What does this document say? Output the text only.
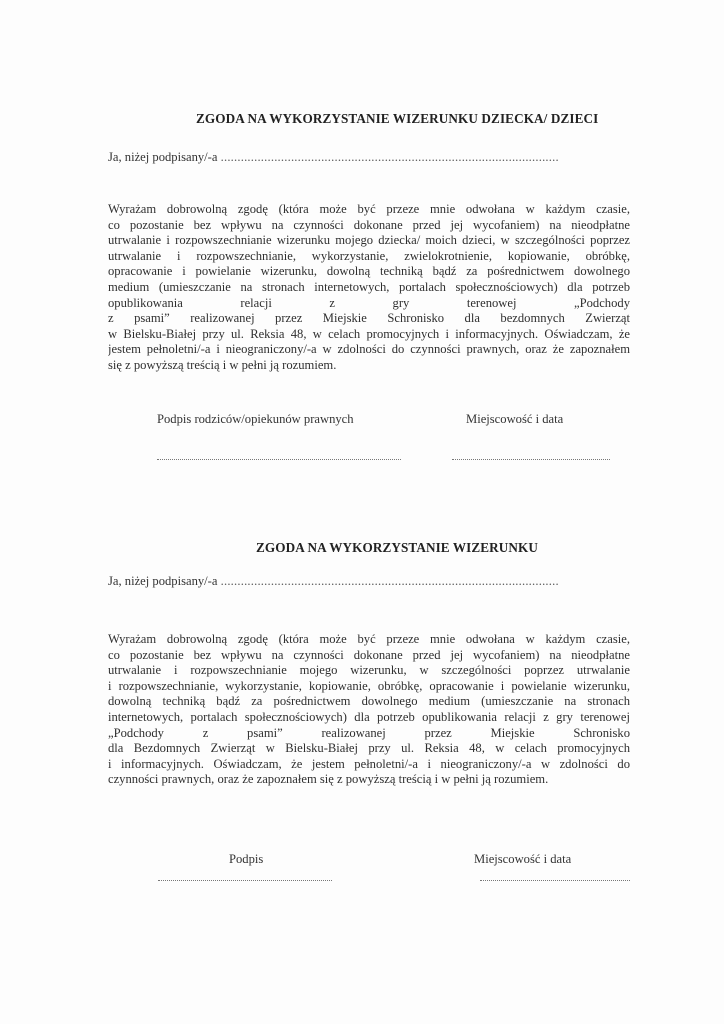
ZGODA NA WYKORZYSTANIE WIZERUNKU DZIECKA/ DZIECI
Ja, niżej podpisany/-a .....................................................................................................
Wyrażam dobrowolną zgodę (która może być przeze mnie odwołana w każdym czasie,
co pozostanie bez wpływu na czynności dokonane przed jej wycofaniem) na nieodpłatne
utrwalanie i rozpowszechnianie wizerunku mojego dziecka/ moich dzieci, w szczególności poprzez
utrwalanie i rozpowszechnianie, wykorzystanie, zwielokrotnienie, kopiowanie, obróbkę,
opracowanie i powielanie wizerunku, dowolną techniką bądź za pośrednictwem dowolnego
medium (umieszczanie na stronach internetowych, portalach społecznościowych) dla potrzeb
opublikowania relacji z gry terenowej „Podchody
z psami” realizowanej przez Miejskie Schronisko dla bezdomnych Zwierząt
w Bielsku-Białej przy ul. Reksia 48, w celach promocyjnych i informacyjnych. Oświadczam, że
jestem pełnoletni/-a i nieograniczony/-a w zdolności do czynności prawnych, oraz że zapoznałem
się z powyższą treścią i w pełni ją rozumiem.
Podpis rodziców/opiekunów prawnych	Miejscowość i data
ZGODA NA WYKORZYSTANIE WIZERUNKU
Ja, niżej podpisany/-a .....................................................................................................
Wyrażam dobrowolną zgodę (która może być przeze mnie odwołana w każdym czasie,
co pozostanie bez wpływu na czynności dokonane przed jej wycofaniem) na nieodpłatne
utrwalanie i rozpowszechnianie mojego wizerunku, w szczególności poprzez utrwalanie
i rozpowszechnianie, wykorzystanie, kopiowanie, obróbkę, opracowanie i powielanie wizerunku,
dowolną techniką bądź za pośrednictwem dowolnego medium (umieszczanie na stronach
internetowych, portalach społecznościowych) dla potrzeb opublikowania relacji z gry terenowej
„Podchody z psami” realizowanej przez Miejskie Schronisko
dla Bezdomnych Zwierząt w Bielsku-Białej przy ul. Reksia 48, w celach promocyjnych
i informacyjnych. Oświadczam, że jestem pełnoletni/-a i nieograniczony/-a w zdolności do
czynności prawnych, oraz że zapoznałem się z powyższą treścią i w pełni ją rozumiem.
Podpis	Miejscowość i data
